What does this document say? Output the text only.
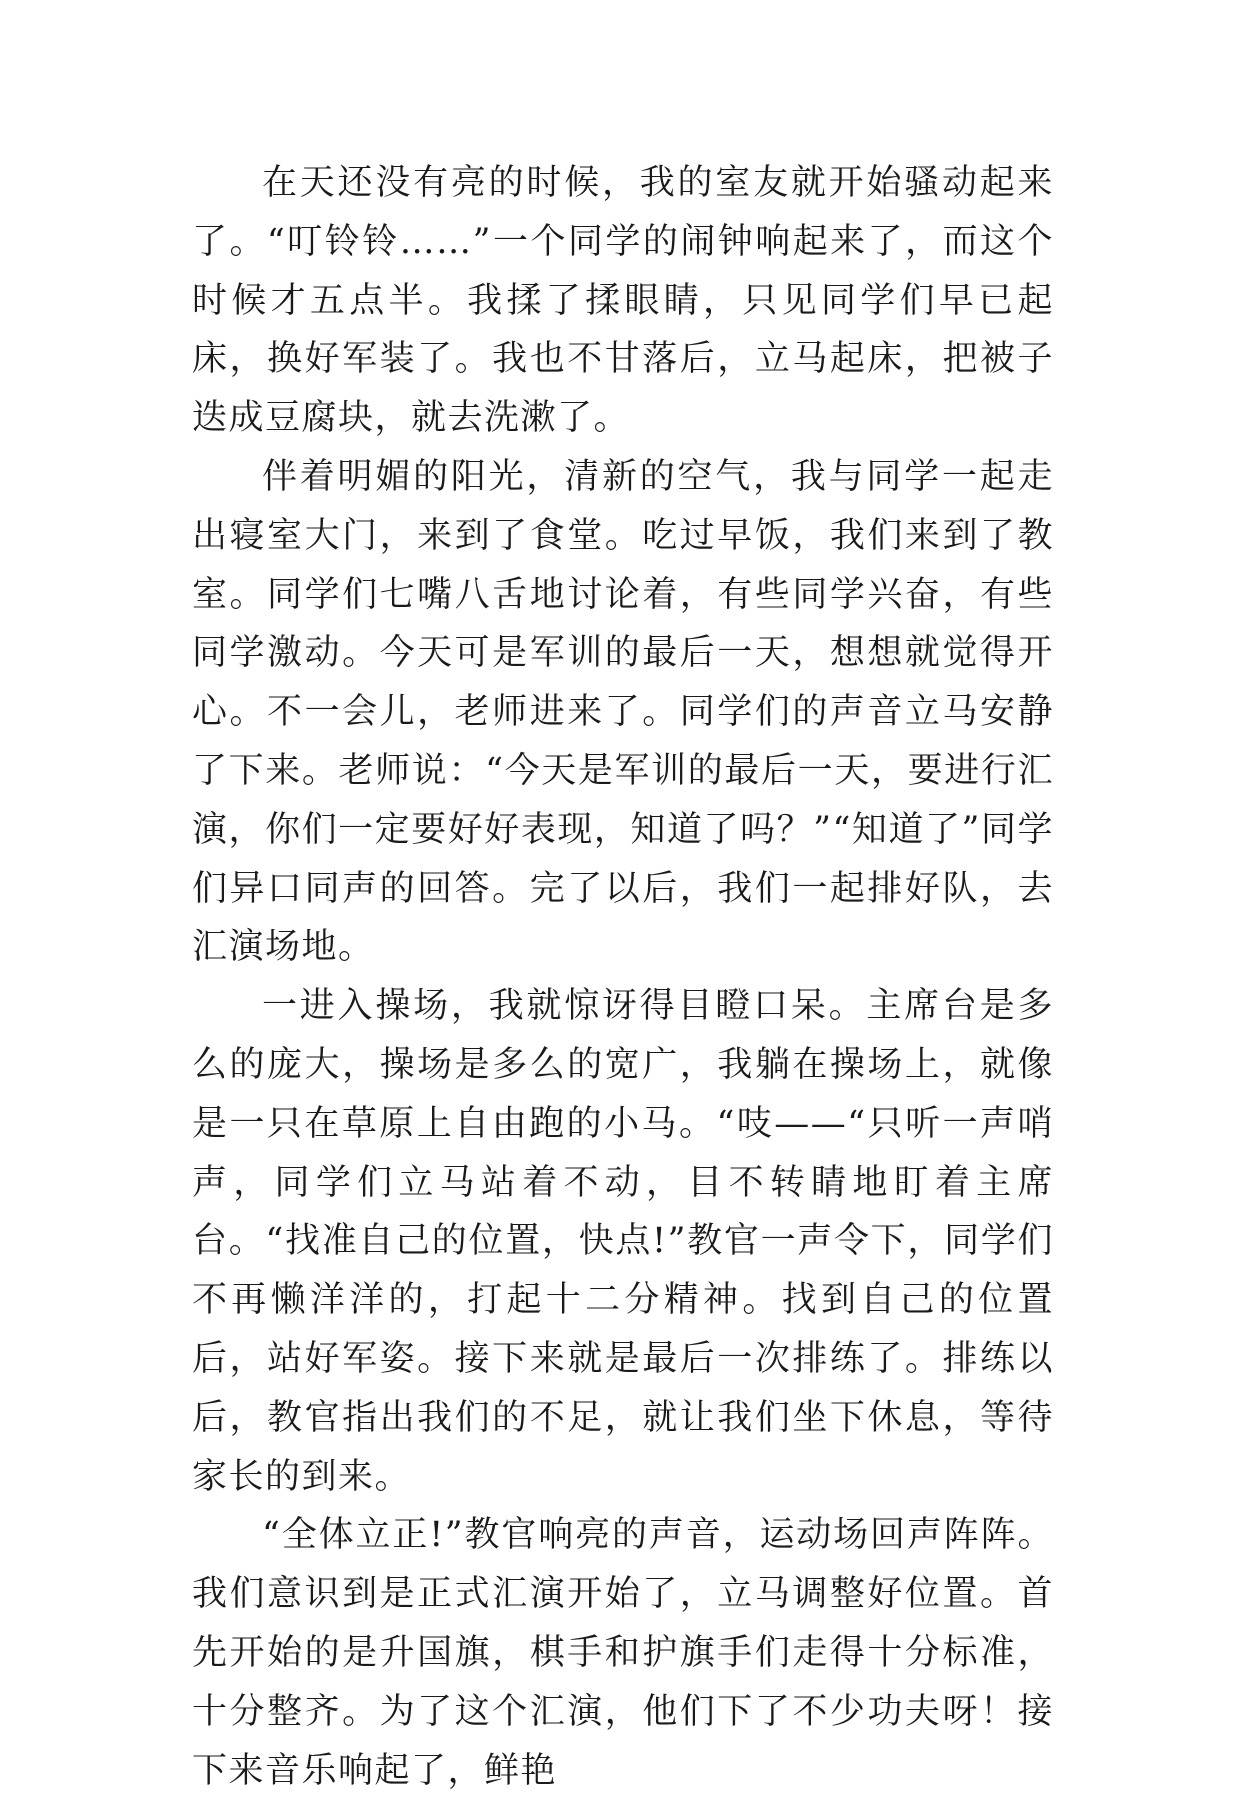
在天还没有亮的时候，我的室友就开始骚动起来了。“叮铃铃……”一个同学的闹钟响起来了，而这个时候才五点半。我揉了揉眼睛，只见同学们早已起床，换好军装了。我也不甘落后，立马起床，把被子迭成豆腐块，就去洗漱了。

伴着明媚的阳光，清新的空气，我与同学一起走出寝室大门，来到了食堂。吃过早饭，我们来到了教室。同学们七嘴八舌地讨论着，有些同学兴奋，有些同学激动。今天可是军训的最后一天，想想就觉得开心。不一会儿，老师进来了。同学们的声音立马安静了下来。老师说：“今天是军训的最后一天，要进行汇演，你们一定要好好表现，知道了吗？”“知道了”同学们异口同声的回答。完了以后，我们一起排好队，去汇演场地。

一进入操场，我就惊讶得目瞪口呆。主席台是多么的庞大，操场是多么的宽广，我躺在操场上，就像是一只在草原上自由跑的小马。“吱——“只听一声哨声，同学们立马站着不动，目不转睛地盯着主席台。“找准自己的位置，快点!”教官一声令下，同学们不再懒洋洋的，打起十二分精神。找到自己的位置后，站好军姿。接下来就是最后一次排练了。排练以后，教官指出我们的不足，就让我们坐下休息，等待家长的到来。

“全体立正!”教官响亮的声音，运动场回声阵阵。我们意识到是正式汇演开始了，立马调整好位置。首先开始的是升国旗，棋手和护旗手们走得十分标准，十分整齐。为了这个汇演，他们下了不少功夫呀！接下来音乐响起了，鲜艳
